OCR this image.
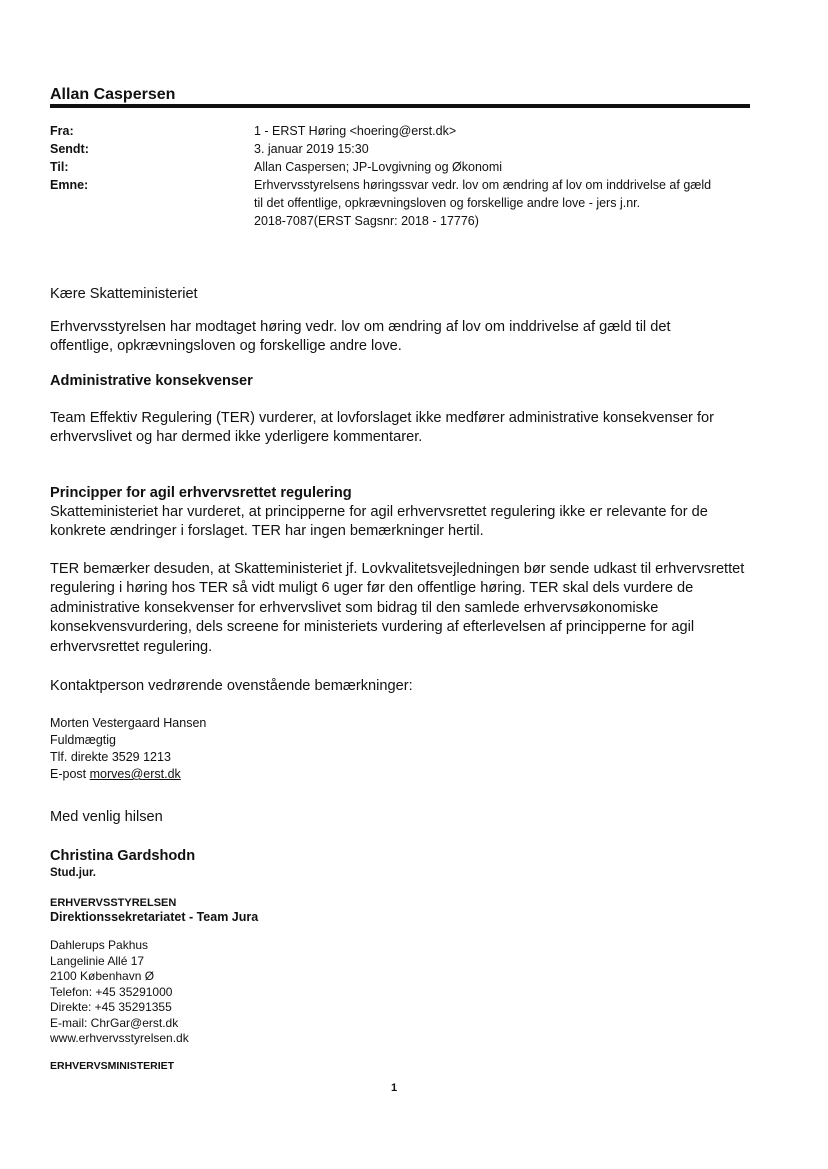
Allan Caspersen
Fra:	1 - ERST Høring <hoering@erst.dk>
Sendt:	3. januar 2019 15:30
Til:	Allan Caspersen; JP-Lovgivning og Økonomi
Emne:	Erhvervsstyrelsens høringssvar vedr. lov om ændring af lov om inddrivelse af gæld
til det offentlige, opkrævningsloven og forskellige andre love - jers j.nr.
2018-7087(ERST Sagsnr: 2018 - 17776)
Kære Skatteministeriet
Erhvervsstyrelsen har modtaget høring vedr. lov om ændring af lov om inddrivelse af gæld til det
offentlige, opkrævningsloven og forskellige andre love.
Administrative konsekvenser
Team Effektiv Regulering (TER) vurderer, at lovforslaget ikke medfører administrative konsekvenser for
erhvervslivet og har dermed ikke yderligere kommentarer.
Principper for agil erhvervsrettet regulering
Skatteministeriet har vurderet, at principperne for agil erhvervsrettet regulering ikke er relevante for de
konkrete ændringer i forslaget. TER har ingen bemærkninger hertil.
TER bemærker desuden, at Skatteministeriet jf. Lovkvalitetsvejledningen bør sende udkast til erhvervsrettet
regulering i høring hos TER så vidt muligt 6 uger før den offentlige høring. TER skal dels vurdere de
administrative konsekvenser for erhvervslivet som bidrag til den samlede erhvervsøkonomiske
konsekvensvurdering, dels screene for ministeriets vurdering af efterlevelsen af principperne for agil
erhvervsrettet regulering.
Kontaktperson vedrørende ovenstående bemærkninger:
Morten Vestergaard Hansen
Fuldmægtig
Tlf. direkte 3529 1213
E-post morves@erst.dk
Med venlig hilsen
Christina Gardshodn
Stud.jur.
ERHVERVSSTYRELSEN
Direktionssekretariatet - Team Jura
Dahlerups Pakhus
Langelinie Allé 17
2100 København Ø
Telefon: +45 35291000
Direkte: +45 35291355
E-mail: ChrGar@erst.dk
www.erhvervsstyrelsen.dk
ERHVERVSMINISTERIET
1
